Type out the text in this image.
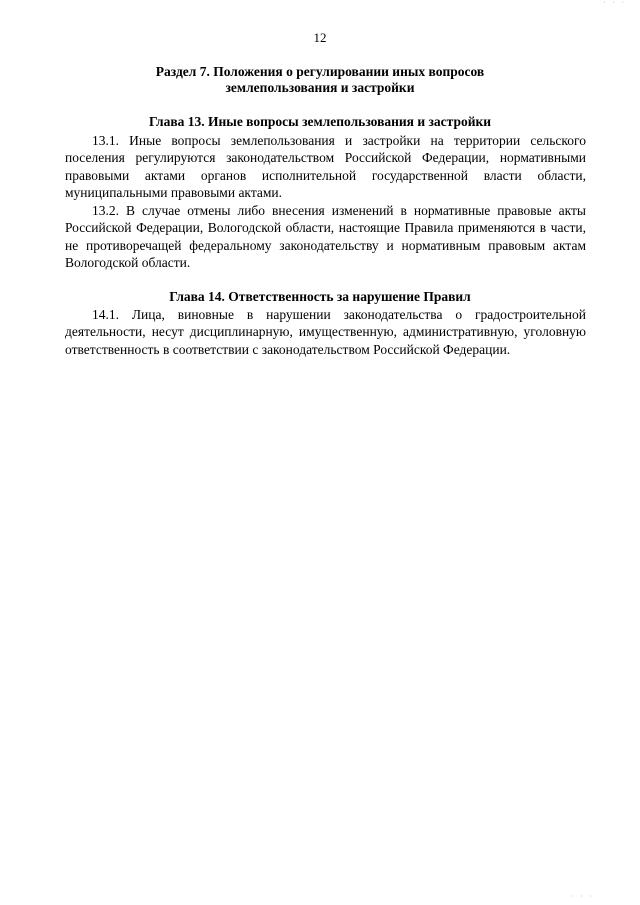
· · ·
12
Раздел 7. Положения о регулировании иных вопросов землепользования и застройки
Глава 13. Иные вопросы землепользования и застройки

13.1. Иные вопросы землепользования и застройки на территории сельского поселения регулируются законодательством Российской Федерации, нормативными правовыми актами органов исполнительной государственной власти области, муниципальными правовыми актами.

13.2. В случае отмены либо внесения изменений в нормативные правовые акты Российской Федерации, Вологодской области, настоящие Правила применяются в части, не противоречащей федеральному законодательству и нормативным правовым актам Вологодской области.

Глава 14. Ответственность за нарушение Правил

14.1. Лица, виновные в нарушении законодательства о градостроительной деятельности, несут дисциплинарную, имущественную, административную, уголовную ответственность в соответствии с законодательством Российской Федерации.

· · ·
